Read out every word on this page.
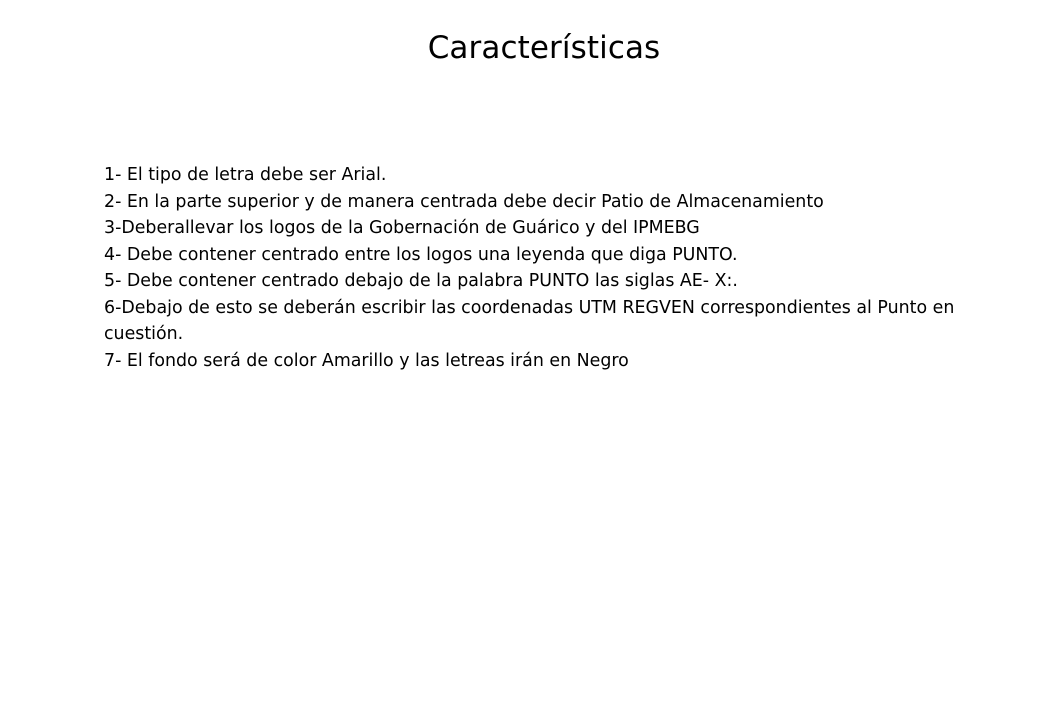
Características
1- El tipo de letra debe ser Arial.
2- En la parte superior y de manera centrada debe decir Patio de Almacenamiento
3-Deberallevar los logos de la Gobernación de Guárico y del IPMEBG
4- Debe contener centrado entre los logos una leyenda que diga PUNTO.
5- Debe contener centrado debajo de la palabra PUNTO las siglas AE- X:.
6-Debajo de esto se deberán escribir las coordenadas UTM REGVEN correspondientes al Punto en cuestión.
7- El fondo será de color Amarillo y las letreas irán en Negro
